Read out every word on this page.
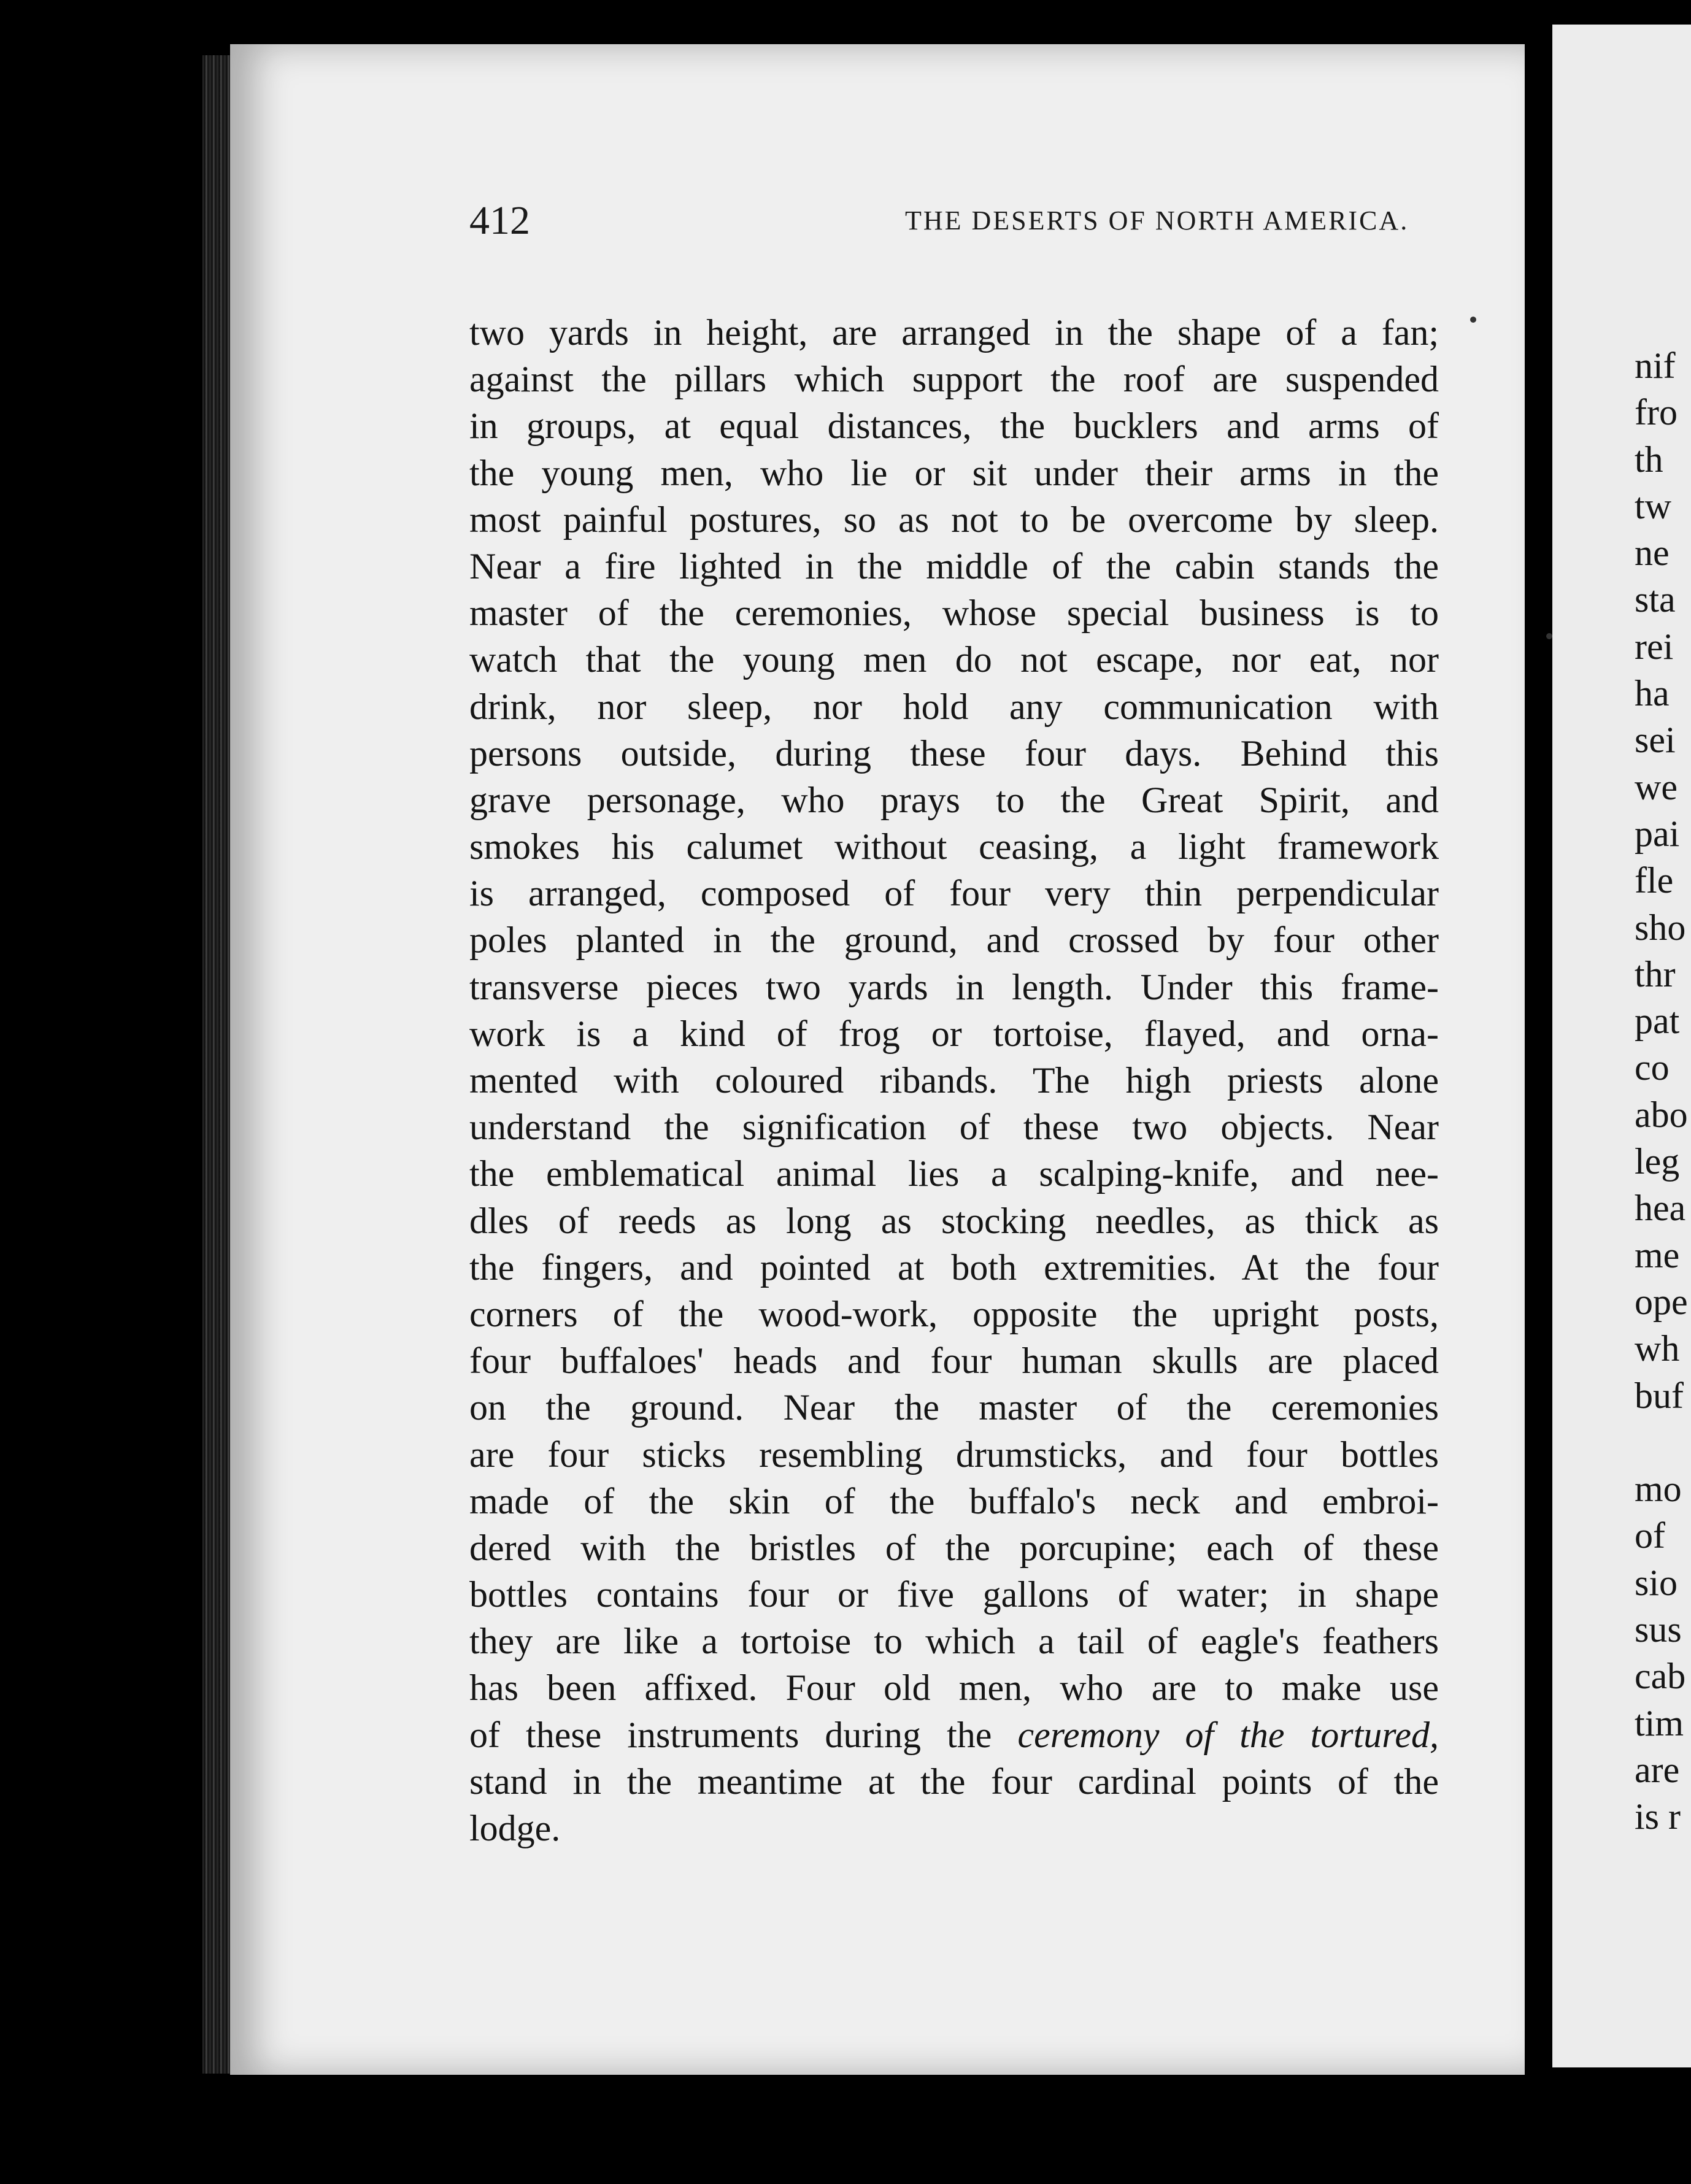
412	THE DESERTS OF NORTH AMERICA.
two yards in height, are arranged in the shape of a fan;
against the pillars which support the roof are suspended
in groups, at equal distances, the bucklers and arms of
the young men, who lie or sit under their arms in the
most painful postures, so as not to be overcome by sleep.
Near a fire lighted in the middle of the cabin stands the
master of the ceremonies, whose special business is to
watch that the young men do not escape, nor eat, nor
drink, nor sleep, nor hold any communication with
persons outside, during these four days. Behind this
grave personage, who prays to the Great Spirit, and
smokes his calumet without ceasing, a light framework
is arranged, composed of four very thin perpendicular
poles planted in the ground, and crossed by four other
transverse pieces two yards in length. Under this frame-
work is a kind of frog or tortoise, flayed, and orna-
mented with coloured ribands. The high priests alone
understand the signification of these two objects. Near
the emblematical animal lies a scalping-knife, and nee-
dles of reeds as long as stocking needles, as thick as
the fingers, and pointed at both extremities. At the four
corners of the wood-work, opposite the upright posts,
four buffaloes' heads and four human skulls are placed
on the ground. Near the master of the ceremonies
are four sticks resembling drumsticks, and four bottles
made of the skin of the buffalo's neck and embroi-
dered with the bristles of the porcupine; each of these
bottles contains four or five gallons of water; in shape
they are like a tortoise to which a tail of eagle's feathers
has been affixed. Four old men, who are to make use
of these instruments during the ceremony of the tortured,
stand in the meantime at the four cardinal points of the
lodge.
nif
fro
th
tw
ne
sta
rei
ha
sei
we
pai
fle
sho
thr
pat
co
abo
leg
hea
me
ope
wh
buf
mo
of
sio
sus
cab
tim
are
is r
